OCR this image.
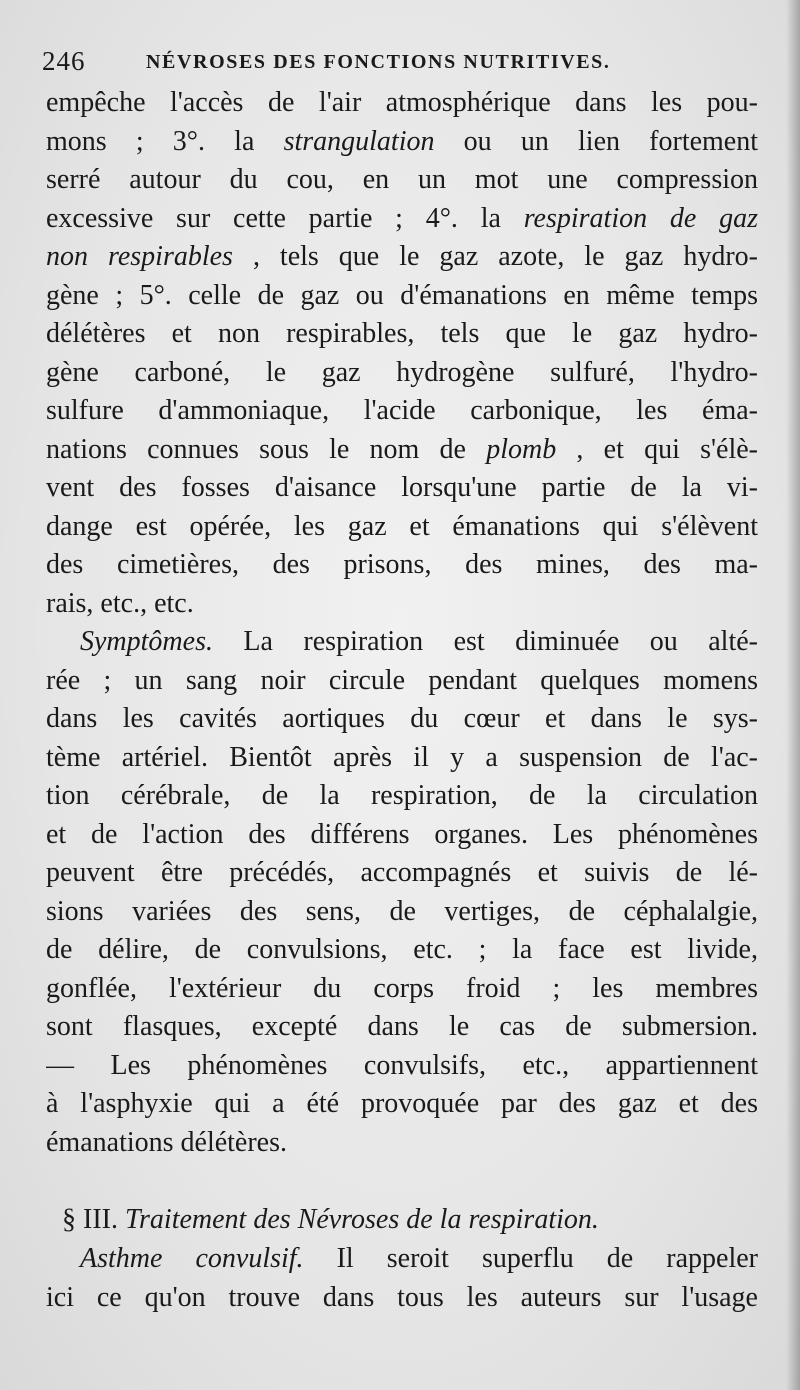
246	NÉVROSES DES FONCTIONS NUTRITIVES.
empêche l'accès de l'air atmosphérique dans les pou-
mons ; 3°. la strangulation ou un lien fortement
serré autour du cou, en un mot une compression
excessive sur cette partie ; 4°. la respiration de gaz
non respirables , tels que le gaz azote, le gaz hydro-
gène ; 5°. celle de gaz ou d'émanations en même temps
délétères et non respirables, tels que le gaz hydro-
gène carboné, le gaz hydrogène sulfuré, l'hydro-
sulfure d'ammoniaque, l'acide carbonique, les éma-
nations connues sous le nom de plomb , et qui s'élè-
vent des fosses d'aisance lorsqu'une partie de la vi-
dange est opérée, les gaz et émanations qui s'élèvent
des cimetières, des prisons, des mines, des ma-
rais, etc., etc.
Symptômes. La respiration est diminuée ou alté-
rée ; un sang noir circule pendant quelques momens
dans les cavités aortiques du cœur et dans le sys-
tème artériel. Bientôt après il y a suspension de l'ac-
tion cérébrale, de la respiration, de la circulation
et de l'action des différens organes. Les phénomènes
peuvent être précédés, accompagnés et suivis de lé-
sions variées des sens, de vertiges, de céphalalgie,
de délire, de convulsions, etc. ; la face est livide,
gonflée, l'extérieur du corps froid ; les membres
sont flasques, excepté dans le cas de submersion.
— Les phénomènes convulsifs, etc., appartiennent
à l'asphyxie qui a été provoquée par des gaz et des
émanations délétères.
§ III. Traitement des Névroses de la respiration.
Asthme convulsif. Il seroit superflu de rappeler
ici ce qu'on trouve dans tous les auteurs sur l'usage
